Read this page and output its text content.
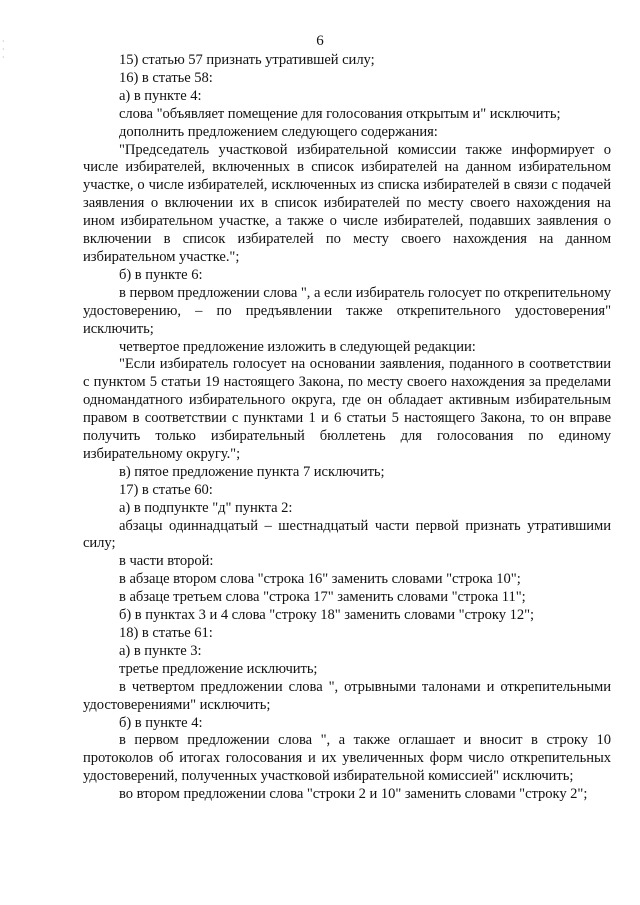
· · ·
6

15) статью 57 признать утратившей силу;

16) в статье 58:

а) в пункте 4:

слова "объявляет помещение для голосования открытым и" исключить;

дополнить предложением следующего содержания:

"Председатель участковой избирательной комиссии также информирует о числе избирателей, включенных в список избирателей на данном избирательном участке, о числе избирателей, исключенных из списка избирателей в связи с подачей заявления о включении их в список избирателей по месту своего нахождения на ином избирательном участке, а также о числе избирателей, подавших заявления о включении в список избирателей по месту своего нахождения на данном избирательном участке.";

б) в пункте 6:

в первом предложении слова ", а если избиратель голосует по открепительному удостоверению, – по предъявлении также открепительного удостоверения" исключить;

четвертое предложение изложить в следующей редакции:

"Если избиратель голосует на основании заявления, поданного в соответствии с пунктом 5 статьи 19 настоящего Закона, по месту своего нахождения за пределами одномандатного избирательного округа, где он обладает активным избирательным правом в соответствии с пунктами 1 и 6 статьи 5 настоящего Закона, то он вправе получить только избирательный бюллетень для голосования по единому избирательному округу.";

в) пятое предложение пункта 7 исключить;

17) в статье 60:

а) в подпункте "д" пункта 2:

абзацы одиннадцатый – шестнадцатый части первой признать утратившими силу;

в части второй:

в абзаце втором слова "строка 16" заменить словами "строка 10";

в абзаце третьем слова "строка 17" заменить словами "строка 11";

б) в пунктах 3 и 4 слова "строку 18" заменить словами "строку 12";

18) в статье 61:

а) в пункте 3:

третье предложение исключить;

в четвертом предложении слова ", отрывными талонами и открепительными удостоверениями" исключить;

б) в пункте 4:

в первом предложении слова ", а также оглашает и вносит в строку 10 протоколов об итогах голосования и их увеличенных форм число открепительных удостоверений, полученных участковой избирательной комиссией" исключить;

во втором предложении слова "строки 2 и 10" заменить словами "строку 2";
